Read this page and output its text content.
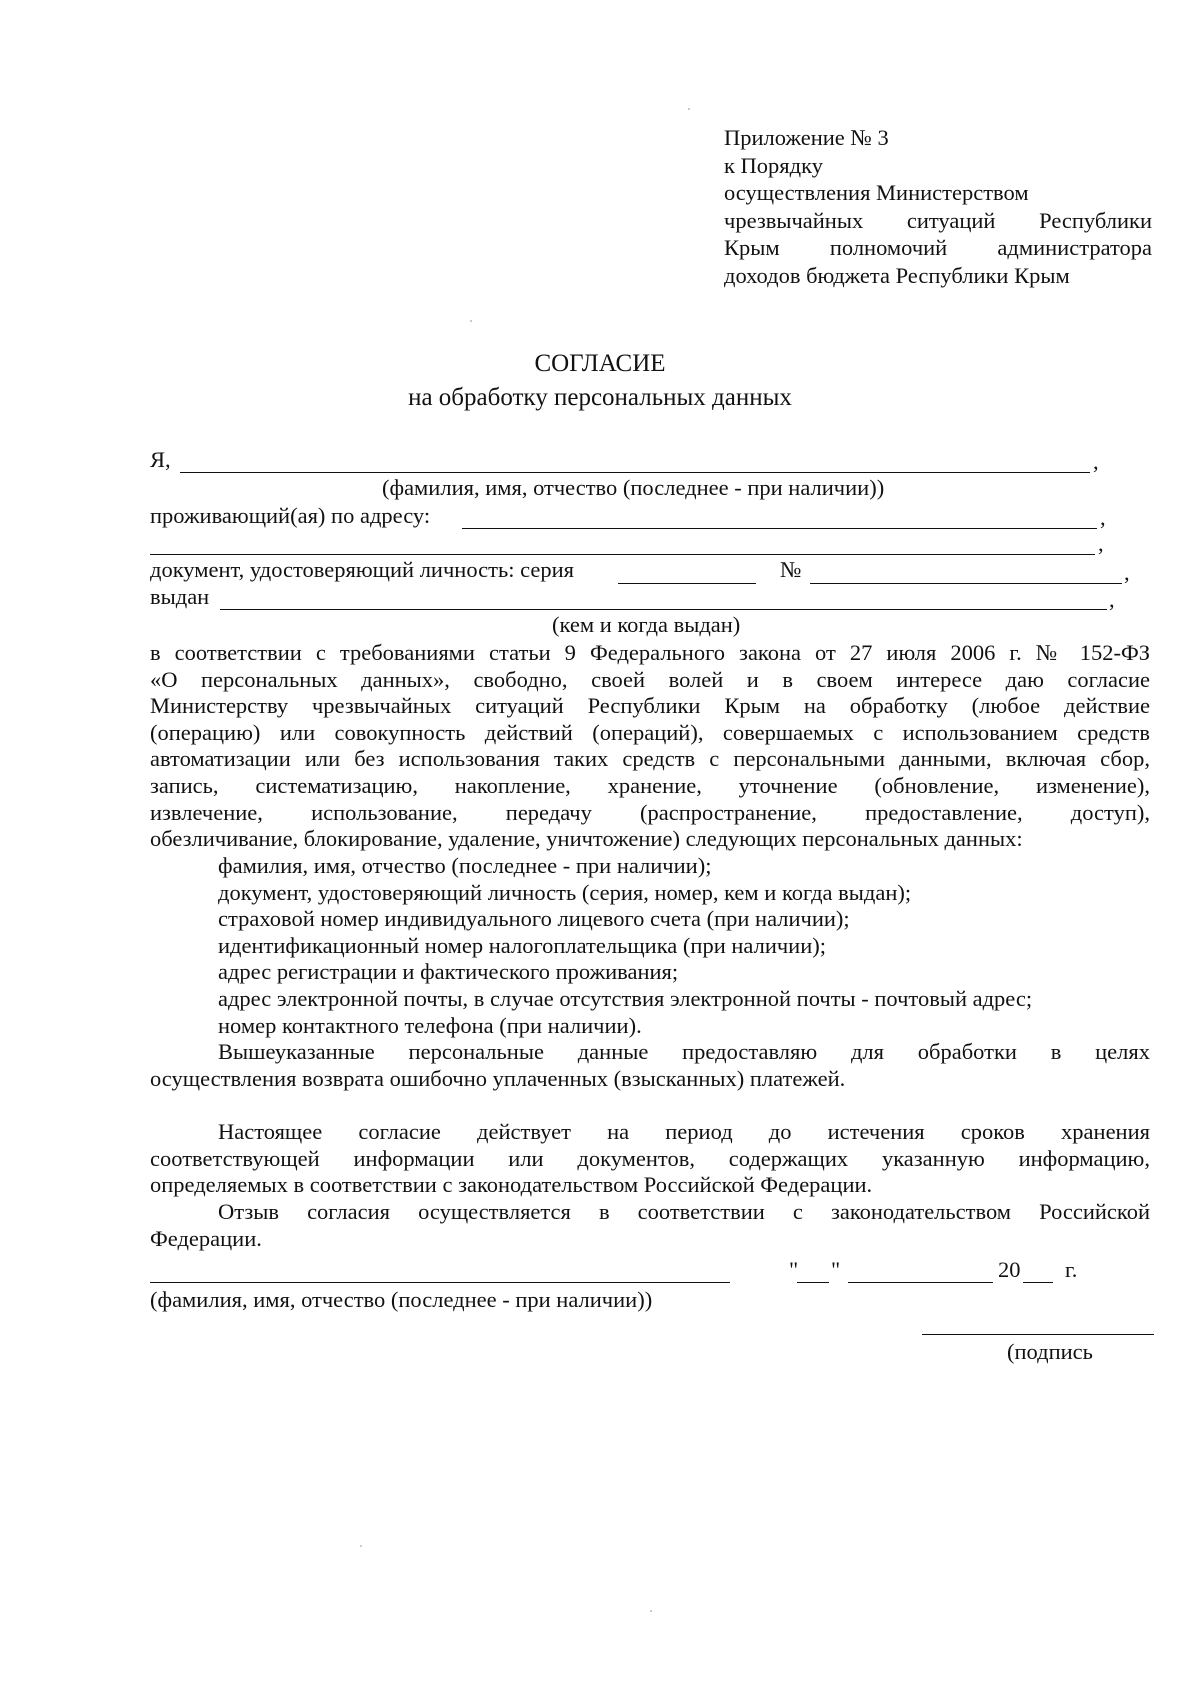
Приложение № 3
к Порядку
осуществления Министерством
чрезвычайных ситуаций Республики
Крым полномочий администратора
доходов бюджета Республики Крым
СОГЛАСИЕ
на обработку персональных данных
Я,	,
(фамилия, имя, отчество (последнее - при наличии))
проживающий(ая) по адресу:	,
,
документ, удостоверяющий личность: серия	№	,
выдан	,
(кем и когда выдан)
в соответствии с требованиями статьи 9 Федерального закона от 27 июля 2006 г. № 152-ФЗ
«О персональных данных», свободно, своей волей и в своем интересе даю согласие
Министерству чрезвычайных ситуаций Республики Крым на обработку (любое действие
(операцию) или совокупность действий (операций), совершаемых с использованием средств
автоматизации или без использования таких средств с персональными данными, включая сбор,
запись, систематизацию, накопление, хранение, уточнение (обновление, изменение),
извлечение, использование, передачу (распространение, предоставление, доступ),
обезличивание, блокирование, удаление, уничтожение) следующих персональных данных:
фамилия, имя, отчество (последнее - при наличии);
документ, удостоверяющий личность (серия, номер, кем и когда выдан);
страховой номер индивидуального лицевого счета (при наличии);
идентификационный номер налогоплательщика (при наличии);
адрес регистрации и фактического проживания;
адрес электронной почты, в случае отсутствия электронной почты - почтовый адрес;
номер контактного телефона (при наличии).
Вышеуказанные персональные данные предоставляю для обработки в целях
осуществления возврата ошибочно уплаченных (взысканных) платежей.
Настоящее согласие действует на период до истечения сроков хранения
соответствующей информации или документов, содержащих указанную информацию,
определяемых в соответствии с законодательством Российской Федерации.
Отзыв согласия осуществляется в соответствии с законодательством Российской
Федерации.
" "	20 г.
(фамилия, имя, отчество (последнее - при наличии))
(подпись
